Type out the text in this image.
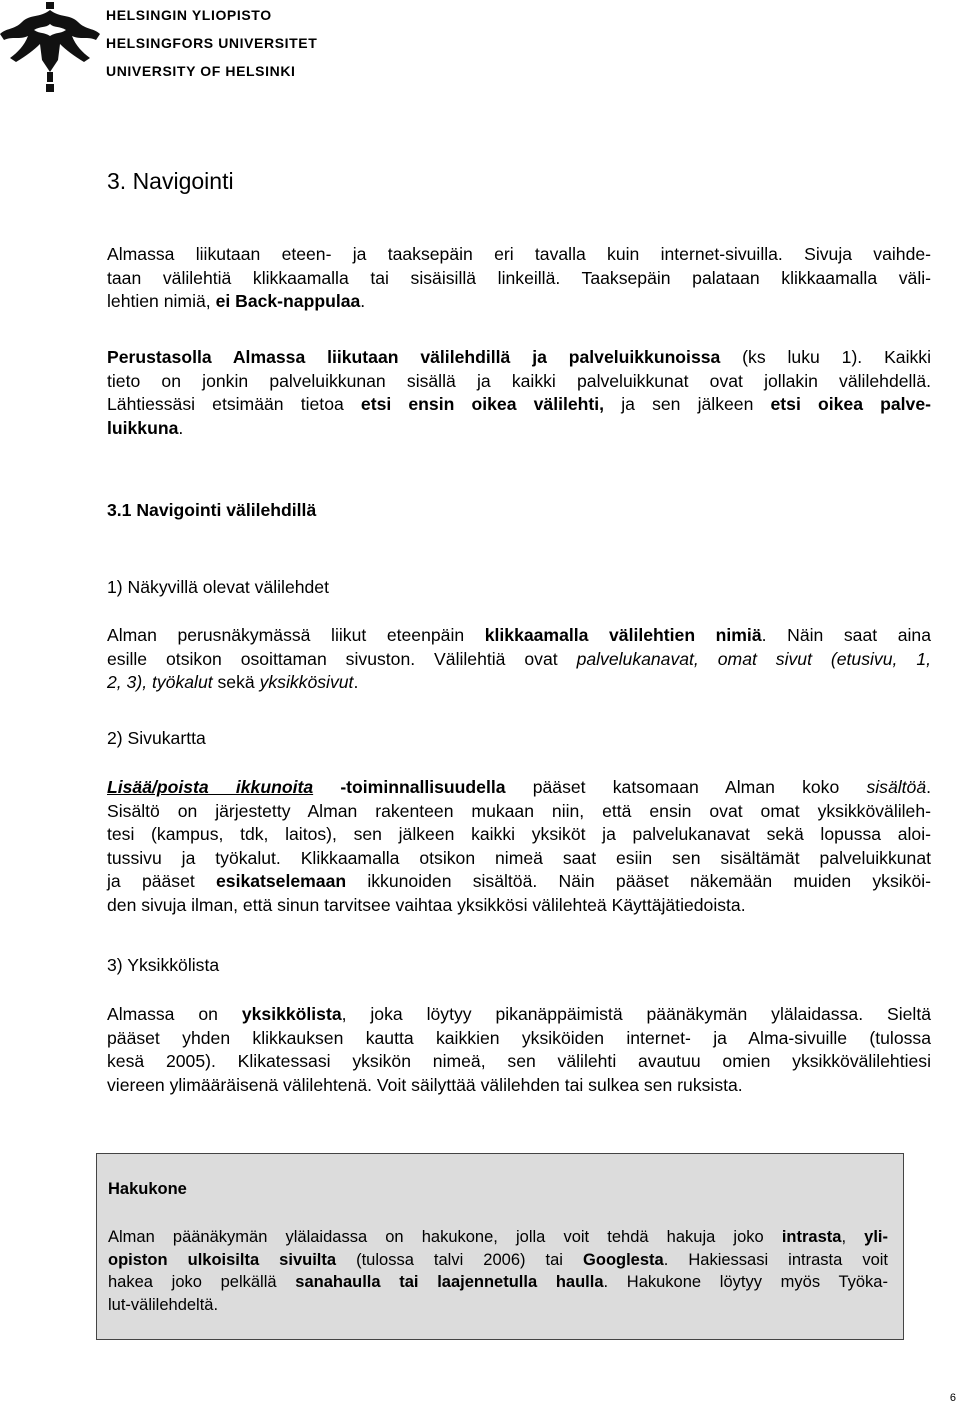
HELSINGIN YLIOPISTO
HELSINGFORS UNIVERSITET
UNIVERSITY OF HELSINKI
3. Navigointi

Almassa liikutaan eteen- ja taaksepäin eri tavalla kuin internet-sivuilla. Sivuja vaihde-
taan välilehtiä klikkaamalla tai sisäisillä linkeillä. Taaksepäin palataan klikkaamalla väli-
lehtien nimiä, ei Back-nappulaa.

Perustasolla Almassa liikutaan välilehdillä ja palveluikkunoissa (ks luku 1). Kaikki
tieto on jonkin palveluikkunan sisällä ja kaikki palveluikkunat ovat jollakin välilehdellä.
Lähtiessäsi etsimään tietoa etsi ensin oikea välilehti, ja sen jälkeen etsi oikea palve-
luikkuna.

3.1 Navigointi välilehdillä
1) Näkyvillä olevat välilehdet

Alman perusnäkymässä liikut eteenpäin klikkaamalla välilehtien nimiä. Näin saat aina
esille otsikon osoittaman sivuston. Välilehtiä ovat palvelukanavat, omat sivut (etusivu, 1,
2, 3), työkalut sekä yksikkösivut.

2) Sivukartta

Lisää/poista ikkunoita -toiminnallisuudella pääset katsomaan Alman koko sisältöä.
Sisältö on järjestetty Alman rakenteen mukaan niin, että ensin ovat omat yksikkövälileh-
tesi (kampus, tdk, laitos), sen jälkeen kaikki yksiköt ja palvelukanavat sekä lopussa aloi-
tussivu ja työkalut. Klikkaamalla otsikon nimeä saat esiin sen sisältämät palveluikkunat
ja pääset esikatselemaan ikkunoiden sisältöä. Näin pääset näkemään muiden yksiköi-
den sivuja ilman, että sinun tarvitsee vaihtaa yksikkösi välilehteä Käyttäjätiedoista.

3) Yksikkölista

Almassa on yksikkölista, joka löytyy pikanäppäimistä päänäkymän ylälaidassa. Sieltä
pääset yhden klikkauksen kautta kaikkien yksiköiden internet- ja Alma-sivuille (tulossa
kesä 2005). Klikatessasi yksikön nimeä, sen välilehti avautuu omien yksikkövälilehtiesi
viereen ylimääräisenä välilehtenä. Voit säilyttää välilehden tai sulkea sen ruksista.

Hakukone

Alman päänäkymän ylälaidassa on hakukone, jolla voit tehdä hakuja joko intrasta, yli-
opiston ulkoisilta sivuilta (tulossa talvi 2006) tai Googlesta. Hakiessasi intrasta voit
hakea joko pelkällä sanahaulla tai laajennetulla haulla. Hakukone löytyy myös Työka-
lut-välilehdeltä.

6
